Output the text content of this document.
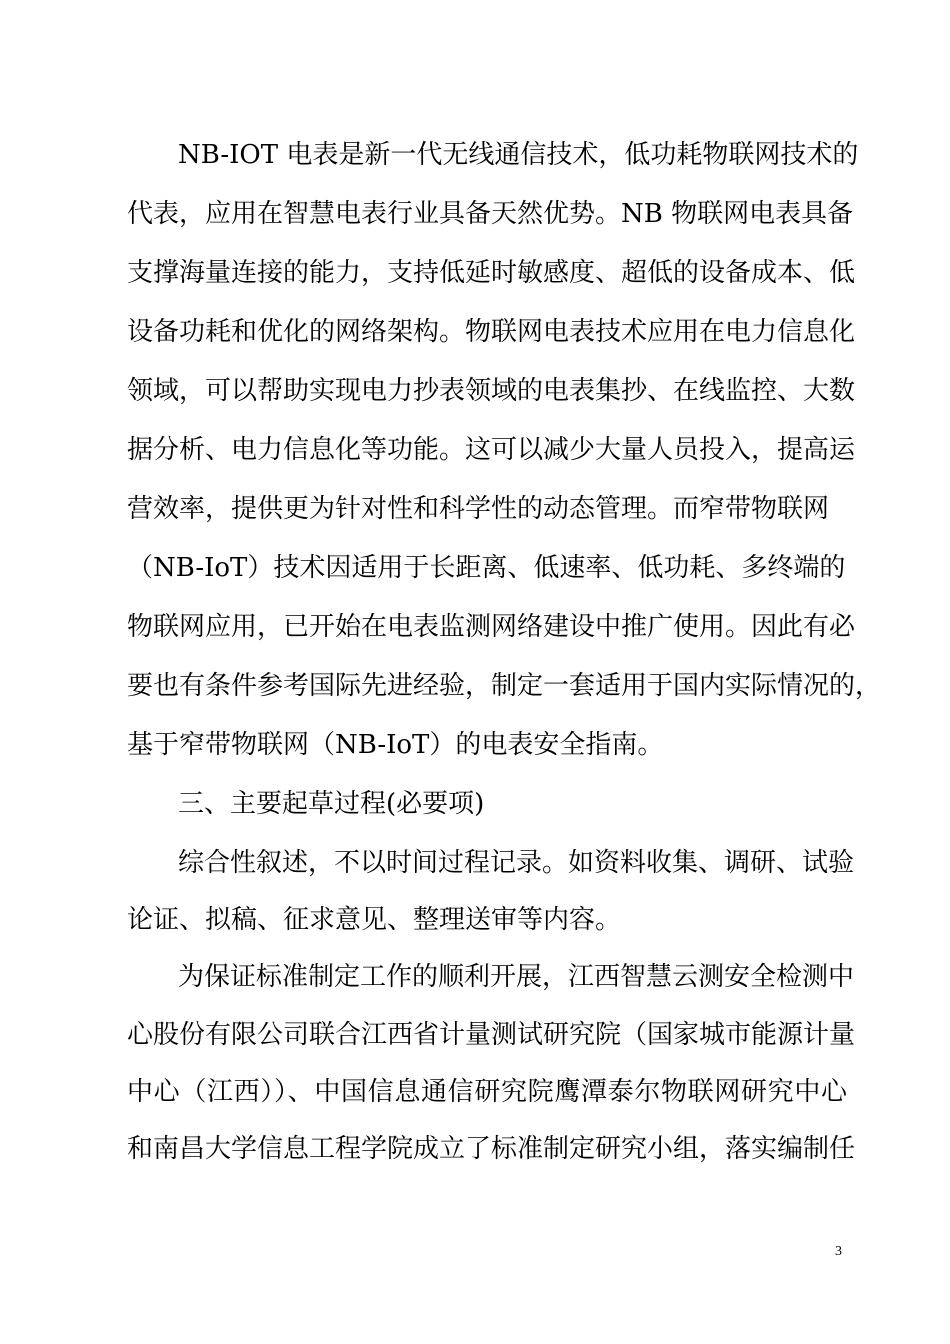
NB-IOT 电表是新一代无线通信技术，低功耗物联网技术的
代表，应用在智慧电表行业具备天然优势。NB 物联网电表具备
支撑海量连接的能力，支持低延时敏感度、超低的设备成本、低
设备功耗和优化的网络架构。物联网电表技术应用在电力信息化
领域，可以帮助实现电力抄表领域的电表集抄、在线监控、大数
据分析、电力信息化等功能。这可以减少大量人员投入，提高运
营效率，提供更为针对性和科学性的动态管理。而窄带物联网
（NB-IoT）技术因适用于长距离、低速率、低功耗、多终端的
物联网应用，已开始在电表监测网络建设中推广使用。因此有必
要也有条件参考国际先进经验，制定一套适用于国内实际情况的，
基于窄带物联网（NB-IoT）的电表安全指南。
三、主要起草过程(必要项)
综合性叙述，不以时间过程记录。如资料收集、调研、试验
论证、拟稿、征求意见、整理送审等内容。
为保证标准制定工作的顺利开展，江西智慧云测安全检测中
心股份有限公司联合江西省计量测试研究院（国家城市能源计量
中心（江西））、中国信息通信研究院鹰潭泰尔物联网研究中心
和南昌大学信息工程学院成立了标准制定研究小组，落实编制任
3
